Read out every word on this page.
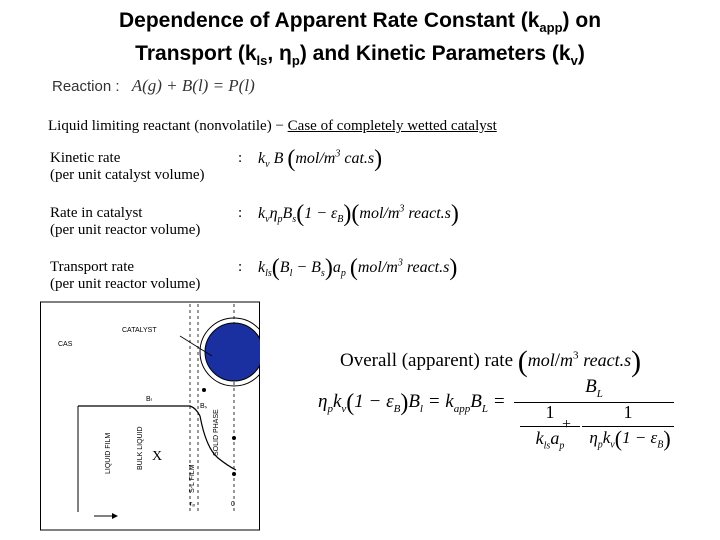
Dependence of Apparent Rate Constant $(k_{app})$ on
Transport ($k_{ls}$, $\eta_p$) and Kinetic Parameters $(k_v)$
Reaction : A(g) + B(l) = P(l)
Liquid limiting reactant (nonvolatile) − Case of completely wetted catalyst
Kinetic rate
(per unit catalyst volume)
: $k_v$ B ($mol/m^3$ cat.s)
Rate in catalyst
(per unit reactor volume)
: $k_v\eta_pB_s(1 - \varepsilon_B)(mol/m^3$ react.s)
Transport rate
(per unit reactor volume)
: $k_{ls}(B_l - B_s)a_p$ ($mol/m^3$ react.s)
CAS
CATALYST
Bₗ
Bₛ
LIQUID FILM	BULK LIQUID
S-L FILM
SOLID PHASE
X
rₚ	0
Overall (apparent) rate ($mol/m^3$ react.s)
$\eta_pk_v(1 - \varepsilon_B)B_l = k_{app}B_L$ =
$B_L$
1
$k_{ls}a_p$
+
1
$\eta_pk_v(1 - \varepsilon_B)$
